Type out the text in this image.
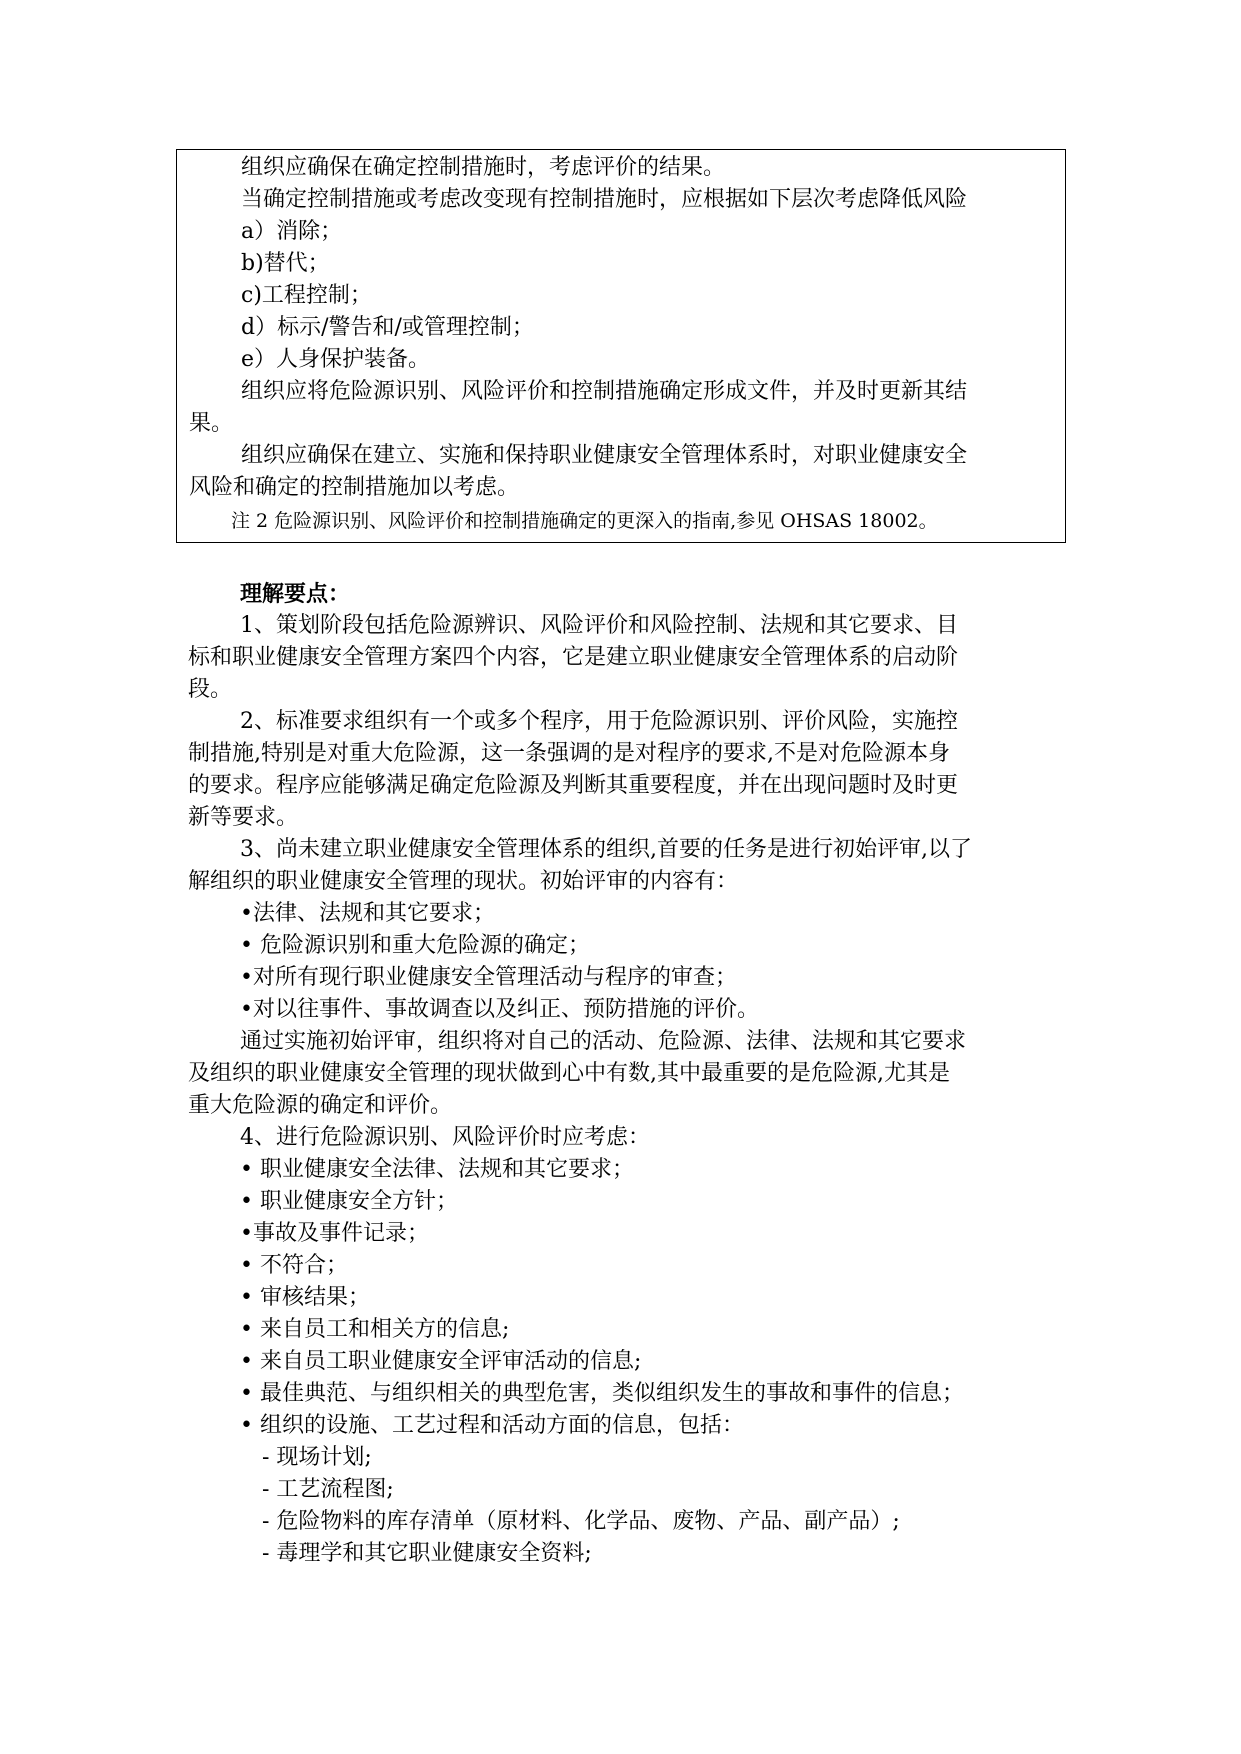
组织应确保在确定控制措施时，考虑评价的结果。
当确定控制措施或考虑改变现有控制措施时，应根据如下层次考虑降低风险
a）消除；
b)替代；
c)工程控制；
d）标示/警告和/或管理控制；
e）人身保护装备。
组织应将危险源识别、风险评价和控制措施确定形成文件，并及时更新其结
果。
组织应确保在建立、实施和保持职业健康安全管理体系时，对职业健康安全
风险和确定的控制措施加以考虑。
注 2 危险源识别、风险评价和控制措施确定的更深入的指南,参见 OHSAS 18002。
理解要点：
1、策划阶段包括危险源辨识、风险评价和风险控制、法规和其它要求、目
标和职业健康安全管理方案四个内容，它是建立职业健康安全管理体系的启动阶
段。
2、标准要求组织有一个或多个程序，用于危险源识别、评价风险，实施控
制措施,特别是对重大危险源，这一条强调的是对程序的要求,不是对危险源本身
的要求。程序应能够满足确定危险源及判断其重要程度，并在出现问题时及时更
新等要求。
3、尚未建立职业健康安全管理体系的组织,首要的任务是进行初始评审,以了
解组织的职业健康安全管理的现状。初始评审的内容有：
•法律、法规和其它要求；
• 危险源识别和重大危险源的确定；
•对所有现行职业健康安全管理活动与程序的审查；
•对以往事件、事故调查以及纠正、预防措施的评价。
通过实施初始评审，组织将对自己的活动、危险源、法律、法规和其它要求
及组织的职业健康安全管理的现状做到心中有数,其中最重要的是危险源,尤其是
重大危险源的确定和评价。
4、进行危险源识别、风险评价时应考虑：
• 职业健康安全法律、法规和其它要求；
• 职业健康安全方针；
•事故及事件记录；
• 不符合；
• 审核结果；
• 来自员工和相关方的信息;
• 来自员工职业健康安全评审活动的信息;
• 最佳典范、与组织相关的典型危害，类似组织发生的事故和事件的信息；
• 组织的设施、工艺过程和活动方面的信息，包括：
- 现场计划;
- 工艺流程图;
- 危险物料的库存清单（原材料、化学品、废物、产品、副产品）;
- 毒理学和其它职业健康安全资料;
